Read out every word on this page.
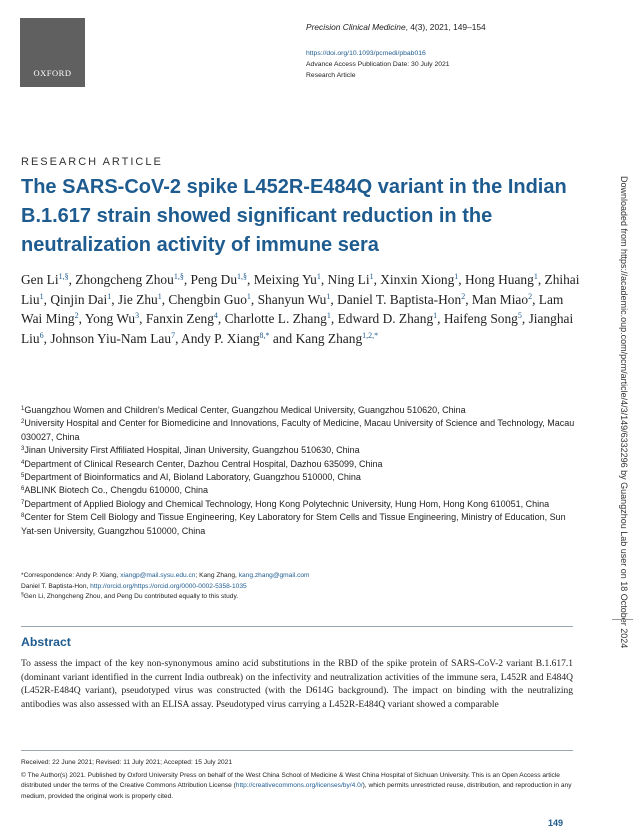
OXFORD
Precision Clinical Medicine, 4(3), 2021, 149–154
https://doi.org/10.1093/pcmedi/pbab016
Advance Access Publication Date: 30 July 2021
Research Article
RESEARCH ARTICLE
The SARS-CoV-2 spike L452R-E484Q variant in the Indian B.1.617 strain showed significant reduction in the neutralization activity of immune sera
Gen $Li^{1,\S}$, Zhongcheng Zhou$^{1,\S}$, Peng $Du^{1,\S}$, Meixing Yu$^1$, Ning Li$^1$, Xinxin Xiong$^1$, Hong Huang$^1$, Zhihai Liu$^1$, Qinjin Dai$^1$, Jie Zhu$^1$, Chengbin Guo$^1$, Shanyun Wu$^1$, Daniel T. Baptista-Hon$^2$, Man Miao$^2$, Lam Wai Ming$^2$, Yong Wu$^3$, Fanxin Zeng$^4$, Charlotte L. Zhang$^1$, Edward D. Zhang$^1$, Haifeng Song$^5$, Jianghai Liu$^6$, Johnson Yiu-Nam Lau$^7$, Andy P. Xiang$^{8,*}$ and Kang Zhang$^{1,2,*}$
$^1$Guangzhou Women and Children’s Medical Center, Guangzhou Medical University, Guangzhou 510620, China
$^2$University Hospital and Center for Biomedicine and Innovations, Faculty of Medicine, Macau University of Science and Technology, Macau 030027, China
$^3$Jinan University First Affiliated Hospital, Jinan University, Guangzhou 510630, China
$^4$Department of Clinical Research Center, Dazhou Central Hospital, Dazhou 635099, China
$^5$Department of Bioinformatics and AI, Bioland Laboratory, Guangzhou 510000, China
$^6$ABLINK Biotech Co., Chengdu 610000, China
$^7$Department of Applied Biology and Chemical Technology, Hong Kong Polytechnic University, Hung Hom, Hong Kong 610051, China
$^8$Center for Stem Cell Biology and Tissue Engineering, Key Laboratory for Stem Cells and Tissue Engineering, Ministry of Education, Sun Yat-sen University, Guangzhou 510000, China
*Correspondence: Andy P. Xiang, xiangp@mail.sysu.edu.cn; Kang Zhang, kang.zhang@gmail.com
Daniel T. Baptista-Hon, http://orcid.org/https://orcid.org/0000-0002-5358-1035
§Gen Li, Zhongcheng Zhou, and Peng Du contributed equally to this study.
Abstract
To assess the impact of the key non-synonymous amino acid substitutions in the RBD of the spike protein of SARS-CoV-2 variant B.1.617.1 (dominant variant identified in the current India outbreak) on the infectivity and neutralization activities of the immune sera, L452R and E484Q (L452R-E484Q variant), pseudotyped virus was constructed (with the D614G background). The impact on binding with the neutralizing antibodies was also assessed with an ELISA assay. Pseudotyped virus carrying a L452R-E484Q variant showed a comparable
Received: 22 June 2021; Revised: 11 July 2021; Accepted: 15 July 2021
© The Author(s) 2021. Published by Oxford University Press on behalf of the West China School of Medicine & West China Hospital of Sichuan University. This is an Open Access article distributed under the terms of the Creative Commons Attribution License (http://creativecommons.org/licenses/by/4.0/), which permits unrestricted reuse, distribution, and reproduction in any medium, provided the original work is properly cited.
149
Downloaded from https://academic.oup.com/pcm/article/4/3/149/6332296 by Guangzhou Lab user on 18 October 2024
